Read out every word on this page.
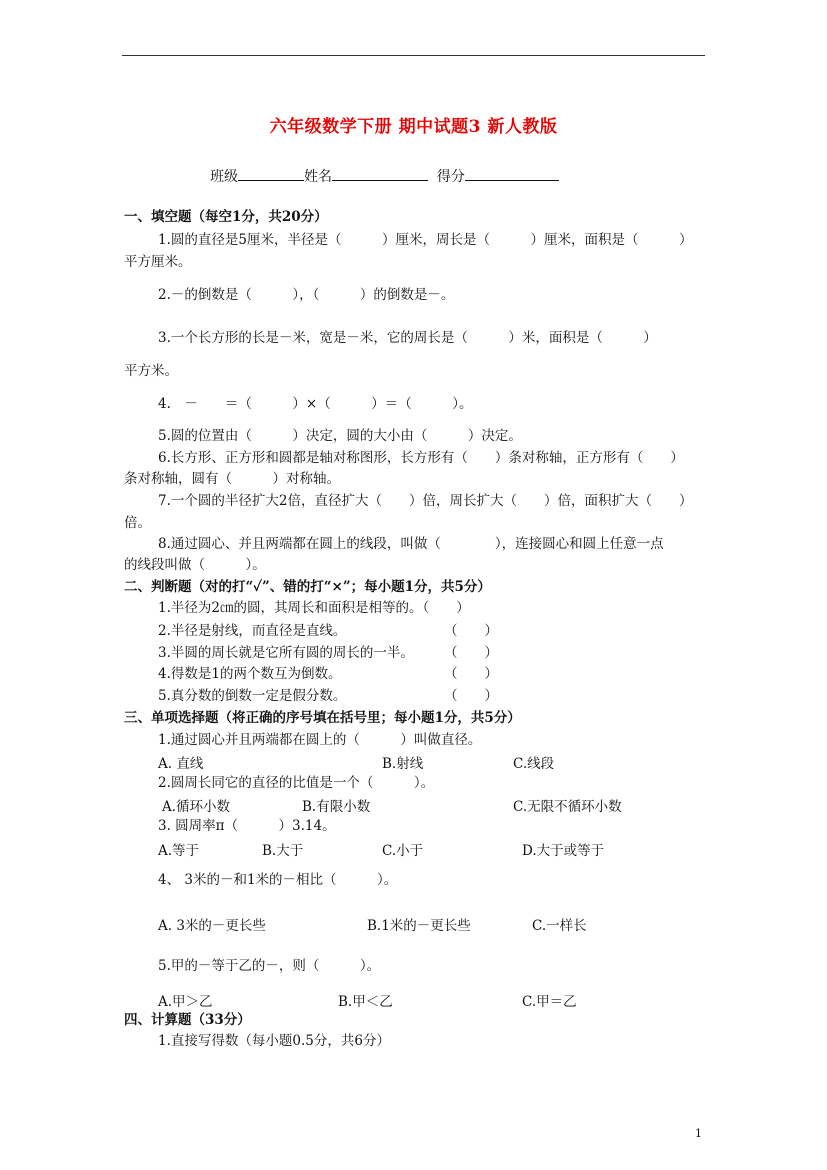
六年级数学下册 期中试题3 新人教版
班级	姓名	得分
一、填空题（每空1分，共20分）
1.圆的直径是5厘米，半径是（　　　）厘米，周长是（　　　）厘米，面积是（　　　）
平方厘米。
2.－的倒数是（　　　），（　　　）的倒数是－。
3.一个长方形的长是－米，宽是－米，它的周长是（　　　）米，面积是（　　　）
平方米。
4.　－　　＝（　　　）×（　　　）＝（　　　）。
5.圆的位置由（　　　）决定，圆的大小由（　　　）决定。
6.长方形、正方形和圆都是轴对称图形，长方形有（　　）条对称轴，正方形有（　　）
条对称轴，圆有（　　　）对称轴。
7.一个圆的半径扩大2倍，直径扩大（　　）倍，周长扩大（　　）倍，面积扩大（　　）
倍。
8.通过圆心、并且两端都在圆上的线段，叫做（　　　　），连接圆心和圆上任意一点
的线段叫做（　　　）。
二、判断题（对的打“✓”、错的打“×”；每小题1分，共5分）
1.半径为2㎝的圆，其周长和面积是相等的。（　　）
2.半径是射线，而直径是直线。	（　　）
3.半圆的周长就是它所有圆的周长的一半。 （　　）
4.得数是1的两个数互为倒数。	（　　）
5.真分数的倒数一定是假分数。	（　　）
三、单项选择题（将正确的序号填在括号里；每小题1分，共5分）
1.通过圆心并且两端都在圆上的（　　　）叫做直径。
A. 直线	B.射线	C.线段
2.圆周长同它的直径的比值是一个（　　　）。
A.循环小数	B.有限小数	C.无限不循环小数
3. 圆周率π（　　　）3.14。
A.等于	B.大于	C.小于	D.大于或等于
4、 3米的－和1米的－相比（　　　）。
A. 3米的－更长些	B.1米的－更长些	C.一样长
5.甲的－等于乙的－，则（　　　）。
A.甲＞乙	B.甲＜乙	C.甲＝乙
四、计算题（33分）
1.直接写得数（每小题0.5分，共6分）
1
